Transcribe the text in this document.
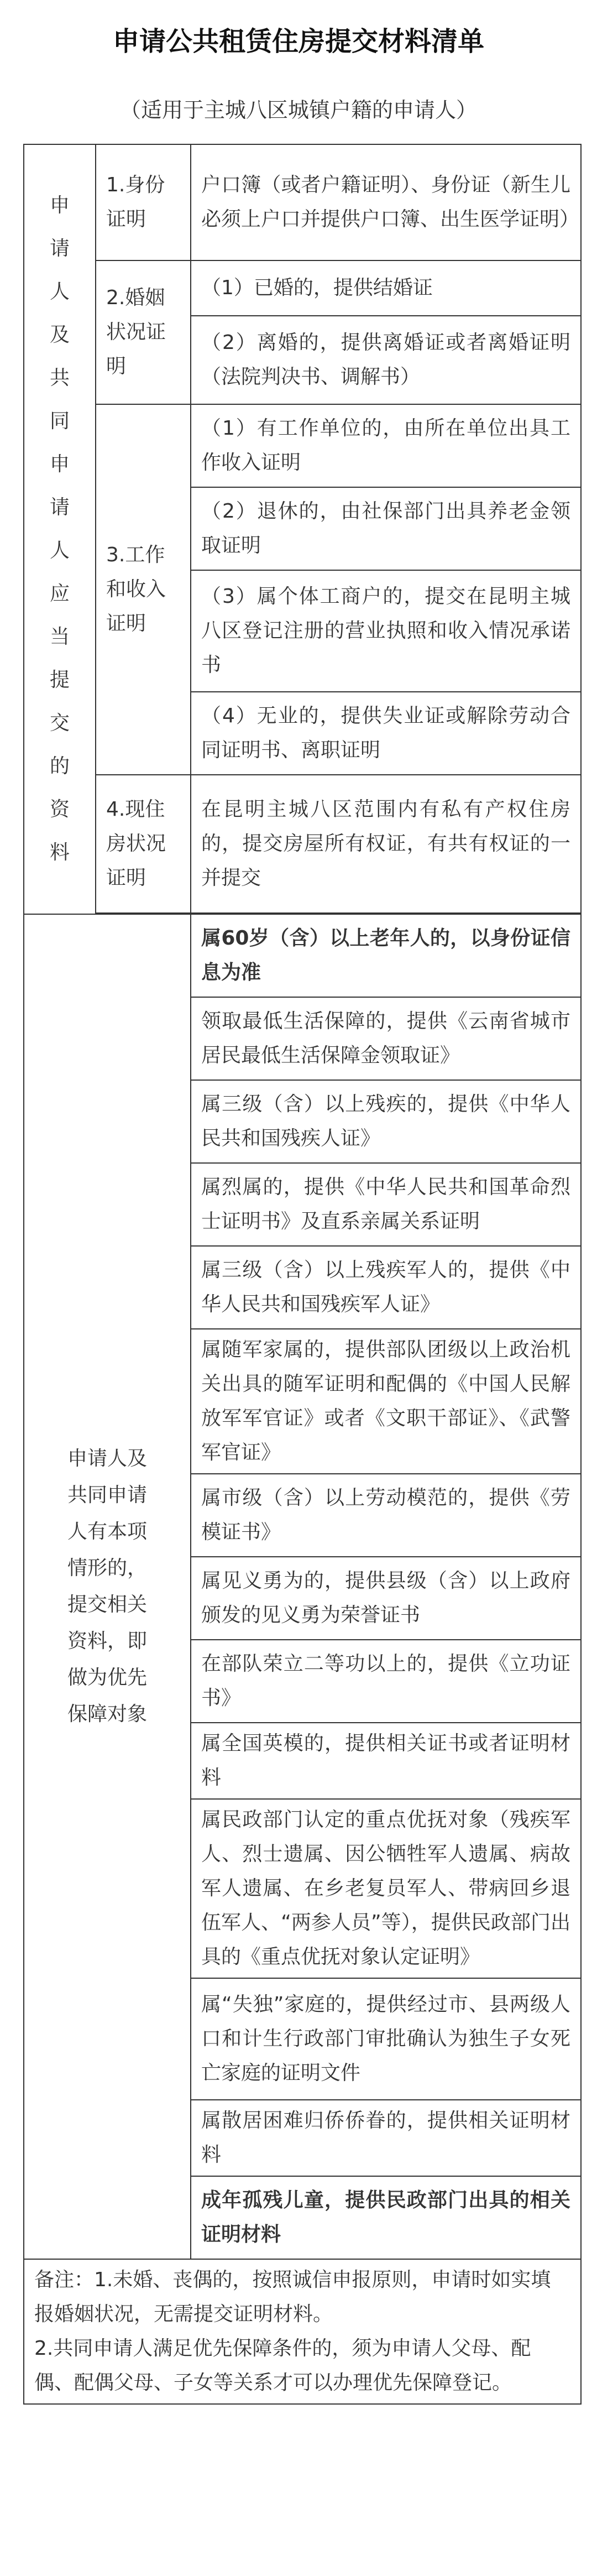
申请公共租赁住房提交材料清单
（适用于主城八区城镇户籍的申请人）
申请人及共同申请人应当提交的资料	1.身份证明	户口簿（或者户籍证明）、身份证（新生儿必须上户口并提供户口簿、出生医学证明）
	2.婚姻状况证明	（1）已婚的，提供结婚证
		（2）离婚的，提供离婚证或者离婚证明（法院判决书、调解书）
	3.工作和收入证明	（1）有工作单位的，由所在单位出具工作收入证明
		（2）退休的，由社保部门出具养老金领取证明
		（3）属个体工商户的，提交在昆明主城八区登记注册的营业执照和收入情况承诺书
		（4）无业的，提供失业证或解除劳动合同证明书、离职证明
	4.现住房状况证明	在昆明主城八区范围内有私有产权住房的，提交房屋所有权证，有共有权证的一并提交

申请人及共同申请人有本项情形的，提交相关资料，即做为优先保障对象		属60岁（含）以上老年人的，以身份证信息为准
		领取最低生活保障的，提供《云南省城市居民最低生活保障金领取证》
		属三级（含）以上残疾的，提供《中华人民共和国残疾人证》
		属烈属的，提供《中华人民共和国革命烈士证明书》及直系亲属关系证明
		属三级（含）以上残疾军人的，提供《中华人民共和国残疾军人证》
		属随军家属的，提供部队团级以上政治机关出具的随军证明和配偶的《中国人民解放军军官证》或者《文职干部证》、《武警军官证》
		属市级（含）以上劳动模范的，提供《劳模证书》
		属见义勇为的，提供县级（含）以上政府颁发的见义勇为荣誉证书
		在部队荣立二等功以上的，提供《立功证书》
		属全国英模的，提供相关证书或者证明材料
		属民政部门认定的重点优抚对象（残疾军人、烈士遗属、因公牺牲军人遗属、病故军人遗属、在乡老复员军人、带病回乡退伍军人、“两参人员”等），提供民政部门出具的《重点优抚对象认定证明》
		属“失独”家庭的，提供经过市、县两级人口和计生行政部门审批确认为独生子女死亡家庭的证明文件
		属散居困难归侨侨眷的，提供相关证明材料
		成年孤残儿童，提供民政部门出具的相关证明材料
备注：1.未婚、丧偶的，按照诚信申报原则，申请时如实填报婚姻状况，无需提交证明材料。
2.共同申请人满足优先保障条件的，须为申请人父母、配偶、配偶父母、子女等关系才可以办理优先保障登记。		
